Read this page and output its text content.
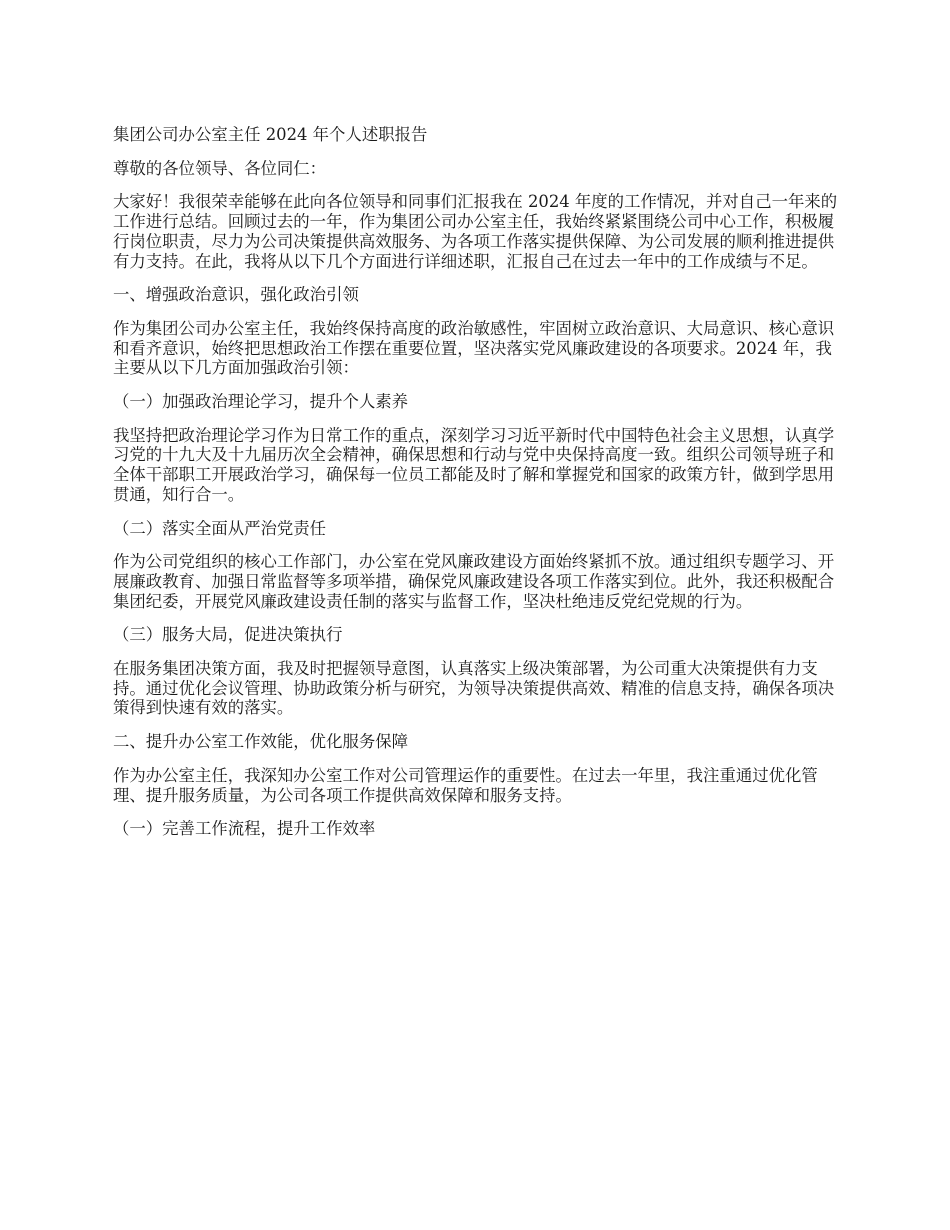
集团公司办公室主任 2024 年个人述职报告

尊敬的各位领导、各位同仁：

大家好！我很荣幸能够在此向各位领导和同事们汇报我在 2024 年度的工作情况，并对自己一年来的工作进行总结。回顾过去的一年，作为集团公司办公室主任，我始终紧紧围绕公司中心工作，积极履行岗位职责，尽力为公司决策提供高效服务、为各项工作落实提供保障、为公司发展的顺利推进提供有力支持。在此，我将从以下几个方面进行详细述职，汇报自己在过去一年中的工作成绩与不足。

一、增强政治意识，强化政治引领

作为集团公司办公室主任，我始终保持高度的政治敏感性，牢固树立政治意识、大局意识、核心意识和看齐意识，始终把思想政治工作摆在重要位置，坚决落实党风廉政建设的各项要求。2024 年，我主要从以下几方面加强政治引领：

（一）加强政治理论学习，提升个人素养

我坚持把政治理论学习作为日常工作的重点，深刻学习习近平新时代中国特色社会主义思想，认真学习党的十九大及十九届历次全会精神，确保思想和行动与党中央保持高度一致。组织公司领导班子和全体干部职工开展政治学习，确保每一位员工都能及时了解和掌握党和国家的政策方针，做到学思用贯通，知行合一。

（二）落实全面从严治党责任

作为公司党组织的核心工作部门，办公室在党风廉政建设方面始终紧抓不放。通过组织专题学习、开展廉政教育、加强日常监督等多项举措，确保党风廉政建设各项工作落实到位。此外，我还积极配合集团纪委，开展党风廉政建设责任制的落实与监督工作，坚决杜绝违反党纪党规的行为。

（三）服务大局，促进决策执行

在服务集团决策方面，我及时把握领导意图，认真落实上级决策部署，为公司重大决策提供有力支持。通过优化会议管理、协助政策分析与研究，为领导决策提供高效、精准的信息支持，确保各项决策得到快速有效的落实。

二、提升办公室工作效能，优化服务保障

作为办公室主任，我深知办公室工作对公司管理运作的重要性。在过去一年里，我注重通过优化管理、提升服务质量，为公司各项工作提供高效保障和服务支持。

（一）完善工作流程，提升工作效率
